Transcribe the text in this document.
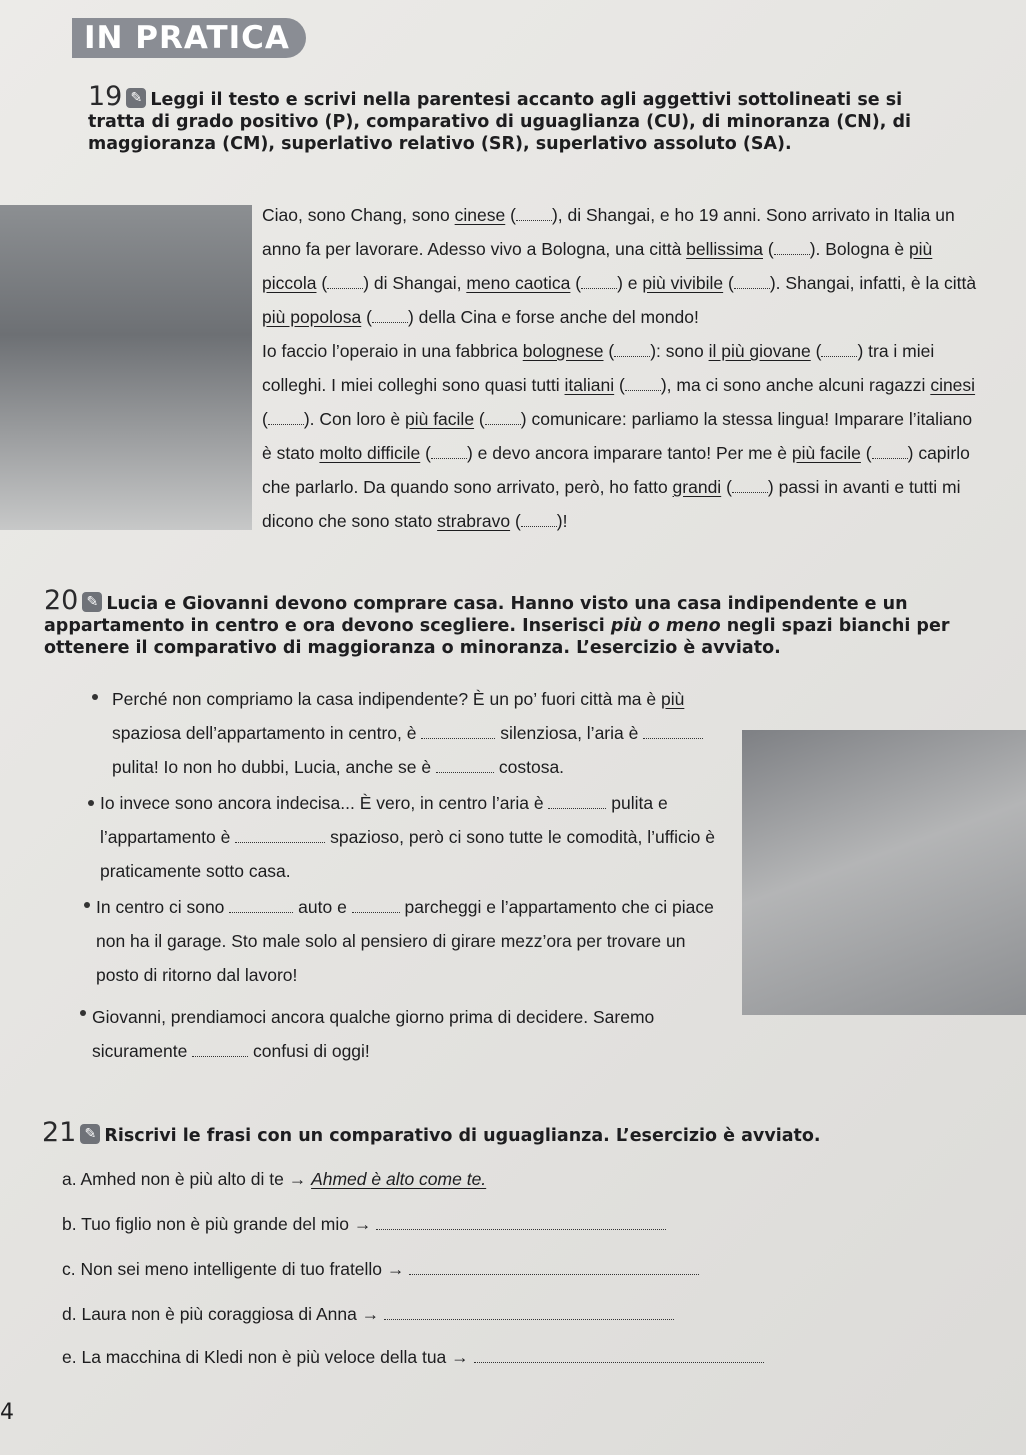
IN PRATICA
19 ✎ Leggi il testo e scrivi nella parentesi accanto agli aggettivi sottolineati se si tratta di grado positivo (P), comparativo di uguaglianza (CU), di minoranza (CN), di maggioranza (CM), superlativo relativo (SR), superlativo assoluto (SA).
Ciao, sono Chang, sono cinese ( ), di Shangai, e ho 19 anni. Sono arrivato in Italia un anno fa per lavorare. Adesso vivo a Bologna, una città bellissima ( ). Bologna è più piccola ( ) di Shangai, meno caotica ( ) e più vivibile ( ). Shangai, infatti, è la città più popolosa ( ) della Cina e forse anche del mondo!
Io faccio l’operaio in una fabbrica bolognese ( ): sono il più giovane ( ) tra i miei colleghi. I miei colleghi sono quasi tutti italiani ( ), ma ci sono anche alcuni ragazzi cinesi ( ). Con loro è più facile ( ) comunicare: parliamo la stessa lingua! Imparare l’italiano è stato molto difficile ( ) e devo ancora imparare tanto! Per me è più facile ( ) capirlo che parlarlo. Da quando sono arrivato, però, ho fatto grandi ( ) passi in avanti e tutti mi dicono che sono stato strabravo ( )!
20 ✎ Lucia e Giovanni devono comprare casa. Hanno visto una casa indipendente e un appartamento in centro e ora devono scegliere. Inserisci più o meno negli spazi bianchi per ottenere il comparativo di maggioranza o minoranza. L’esercizio è avviato.
Perché non compriamo la casa indipendente? È un po’ fuori città ma è più spaziosa dell’appartamento in centro, è	silenziosa, l’aria è  pulita! Io non ho dubbi, Lucia, anche se è	costosa.
Io invece sono ancora indecisa... È vero, in centro l’aria è	pulita e l’appartamento è	spazioso, però ci sono tutte le comodità, l’ufficio è praticamente sotto casa.
In centro ci sono	auto e	parcheggi e l’appartamento che ci piace non ha il garage. Sto male solo al pensiero di girare mezz’ora per trovare un posto di ritorno dal lavoro!
Giovanni, prendiamoci ancora qualche giorno prima di decidere. Saremo sicuramente	confusi di oggi!
21 ✎ Riscrivi le frasi con un comparativo di uguaglianza. L’esercizio è avviato.
a. Amhed non è più alto di te → Ahmed è alto come te.
b. Tuo figlio non è più grande del mio →
c. Non sei meno intelligente di tuo fratello →
d. Laura non è più coraggiosa di Anna →
e. La macchina di Kledi non è più veloce della tua →
4
